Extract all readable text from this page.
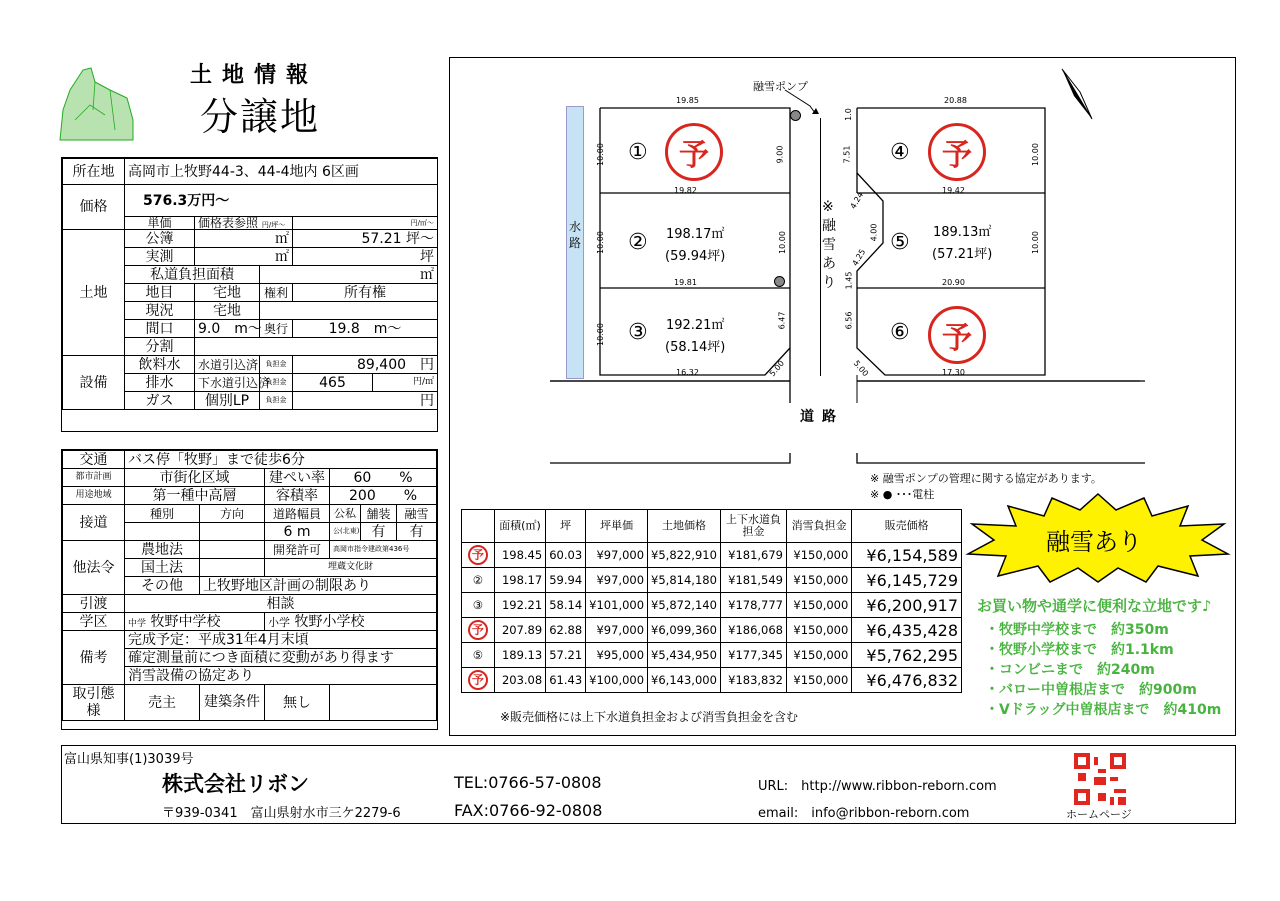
土地情報
分譲地
所在地	高岡市上牧野44-3、44-4地内 6区画				
価格	576.3万円～				
	単価	価格表参照 円/坪～		円/㎡～	
土地	公簿	㎡		57.21 坪～	
	実測	㎡		坪	
	私道負担面積		㎡		
	地目	宅地	権利	所有権	
	現況	宅地			
	間口	9.0　m～	奥行	19.8　m～	
	分割				
設備	飲料水	水道引込済	負担金	89,400　円	
	排水	下水道引込済	負担金	465	円/㎡
	ガス	個別LP	負担金	円	
交通	バス停「牧野」まで徒歩6分					
都市計画	市街化区域		建ぺい率	60　　%		
用途地域	第一種中高層		容積率	200　　%		
接道	種別	方向	道路幅員	公私	舗装	融雪
			6 m	公(北東)	有	有
他法令	農地法		開発許可	高岡市指令建政第436号		
	国土法		埋蔵文化財			
	その他	上牧野地区計画の制限あり				
引渡	相談					
学区	中学 牧野中学校		小学 牧野小学校			
備考	完成予定：平成31年4月末頃					
	確定測量前につき面積に変動があり得ます					
	消雪設備の協定あり					
取引態様	売主	建築条件	無し			
水路
融雪ポンプ
※融雪あり
道路
※ 融雪ポンプの管理に関する協定があります。
※ ● ･･･電柱
19.85	20.88
19.82	19.42
19.81	20.90
16.32	17.30
10.00	9.00	10.00
7.51
10.00	10.00
10.00
6.47	6.56
10.00
4.24
4.00
4.25
1.45
1.0
5.00	5.00
①	予
② 198.17㎡
(59.94坪)
③ 192.21㎡
(58.14坪)
④	予
⑤ 189.13㎡
(57.21坪)
⑥	予
	面積(㎡)	坪	坪単価	土地価格	上下水道負担金	消雪負担金	販売価格
予	198.45	60.03	¥97,000	¥5,822,910	¥181,679	¥150,000	¥6,154,589
②	198.17	59.94	¥97,000	¥5,814,180	¥181,549	¥150,000	¥6,145,729
③	192.21	58.14	¥101,000	¥5,872,140	¥178,777	¥150,000	¥6,200,917
予	207.89	62.88	¥97,000	¥6,099,360	¥186,068	¥150,000	¥6,435,428
⑤	189.13	57.21	¥95,000	¥5,434,950	¥177,345	¥150,000	¥5,762,295
予	203.08	61.43	¥100,000	¥6,143,000	¥183,832	¥150,000	¥6,476,832
※販売価格には上下水道負担金および消雪負担金を含む
融雪あり
お買い物や通学に便利な立地です♪
・牧野中学校まで　約350m
・牧野小学校まで　約1.1km
・コンビニまで　約240m
・バロー中曽根店まで　約900m
・Vドラッグ中曽根店まで　約410m
富山県知事(1)3039号
株式会社リボン
〒939-0341　富山県射水市三ケ2279-6
TEL:0766-57-0808
FAX:0766-92-0808
URL:　http://www.ribbon-reborn.com
email:　info@ribbon-reborn.com	ホームページ
